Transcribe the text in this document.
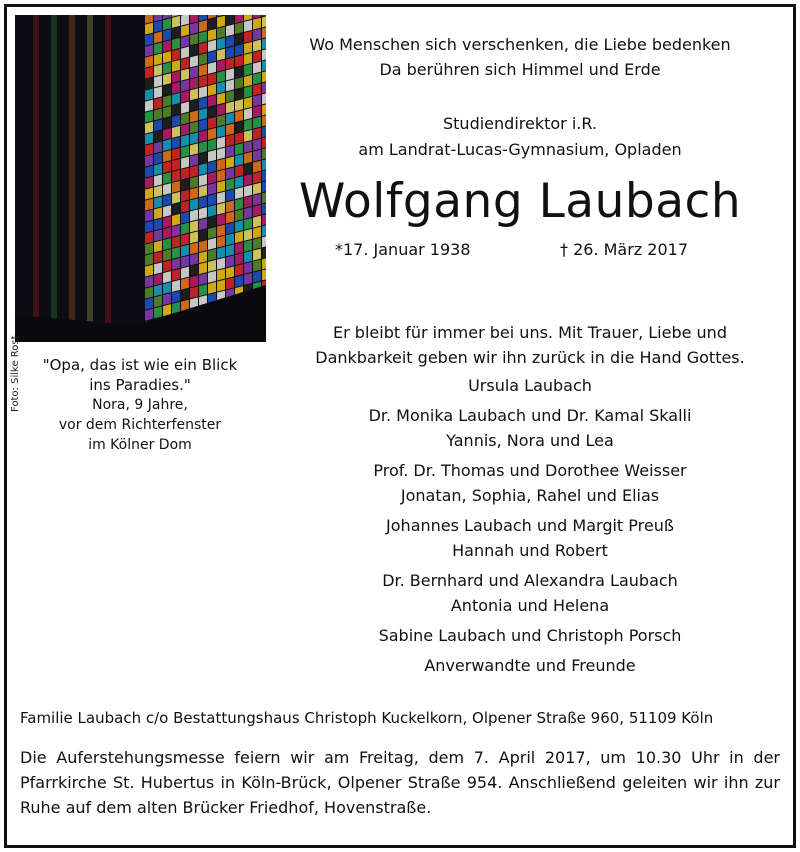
Foto: Silke Rost	"Opa, das ist wie ein Blick
ins Paradies."
Nora, 9 Jahre,
vor dem Richterfenster
im Kölner Dom
Wo Menschen sich verschenken, die Liebe bedenken
Da berühren sich Himmel und Erde
Studiendirektor i.R.
am Landrat-Lucas-Gymnasium, Opladen
Wolfgang Laubach
*17. Januar 1938	† 26. März 2017
Er bleibt für immer bei uns. Mit Trauer, Liebe und
Dankbarkeit geben wir ihn zurück in die Hand Gottes.
Ursula Laubach
Dr. Monika Laubach und Dr. Kamal Skalli
Yannis, Nora und Lea
Prof. Dr. Thomas und Dorothee Weisser
Jonatan, Sophia, Rahel und Elias
Johannes Laubach und Margit Preuß
Hannah und Robert
Dr. Bernhard und Alexandra Laubach
Antonia und Helena
Sabine Laubach und Christoph Porsch
Anverwandte und Freunde
Familie Laubach c/o Bestattungshaus Christoph Kuckelkorn, Olpener Straße 960, 51109 Köln
Die Auferstehungsmesse feiern wir am Freitag, dem 7. April 2017, um 10.30 Uhr in der Pfarrkirche St. Hubertus in Köln-Brück, Olpener Straße 954. Anschließend geleiten wir ihn zur Ruhe auf dem alten Brücker Friedhof, Hovenstraße.
